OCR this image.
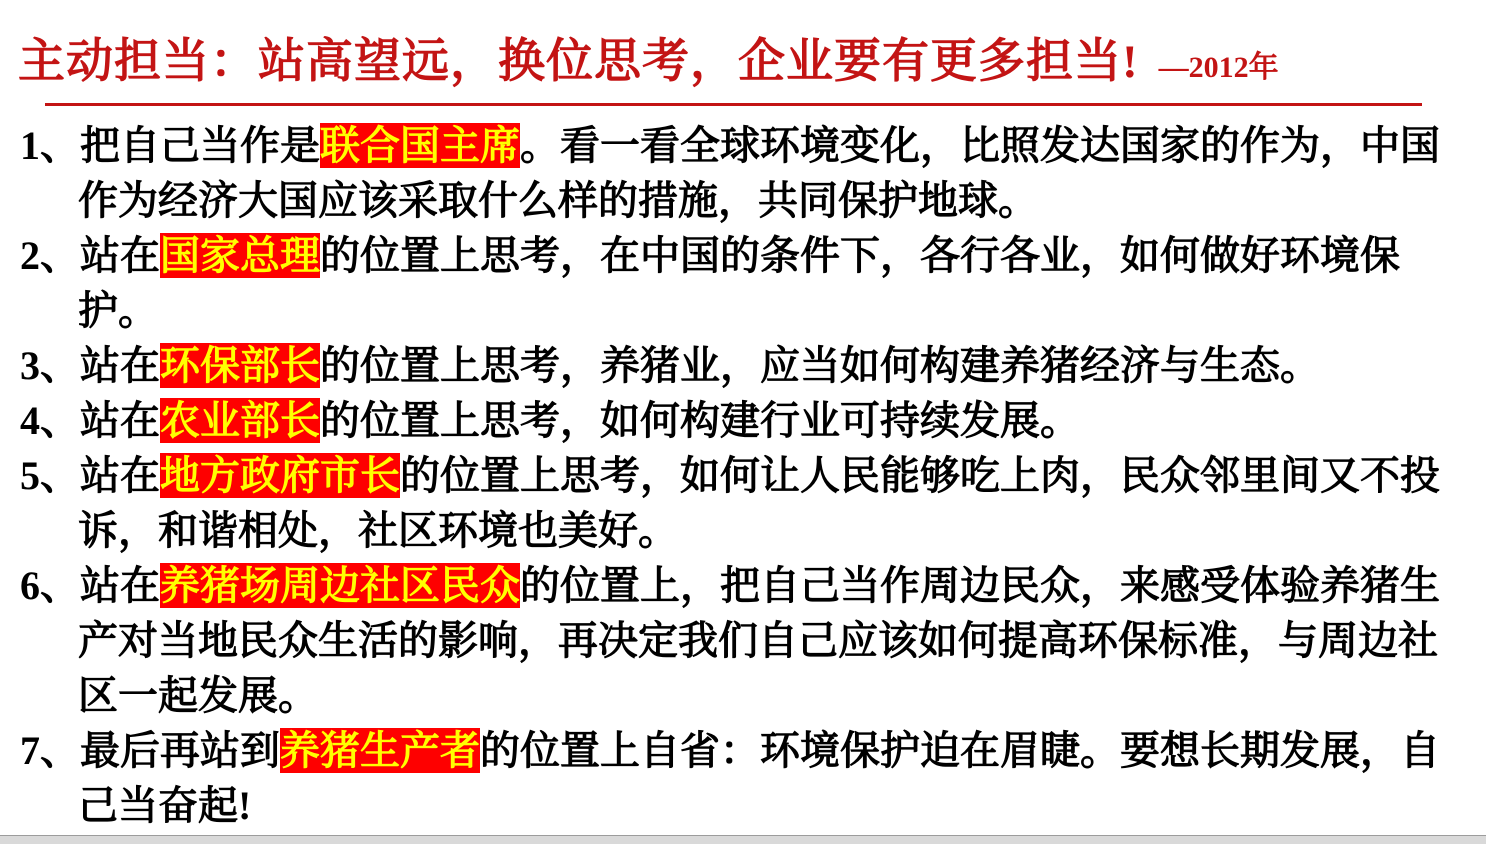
主动担当：站高望远，换位思考，企业要有更多担当! —2012年
1、把自己当作是联合国主席。看一看全球环境变化，比照发达国家的作为，中国作为经济大国应该采取什么样的措施，共同保护地球。
2、站在国家总理的位置上思考，在中国的条件下，各行各业，如何做好环境保护。
3、站在环保部长的位置上思考，养猪业，应当如何构建养猪经济与生态。
4、站在农业部长的位置上思考，如何构建行业可持续发展。
5、站在地方政府市长的位置上思考，如何让人民能够吃上肉，民众邻里间又不投诉，和谐相处，社区环境也美好。
6、站在养猪场周边社区民众的位置上，把自己当作周边民众，来感受体验养猪生产对当地民众生活的影响，再决定我们自己应该如何提高环保标准，与周边社区一起发展。
7、最后再站到养猪生产者的位置上自省：环境保护迫在眉睫。要想长期发展，自己当奋起!
